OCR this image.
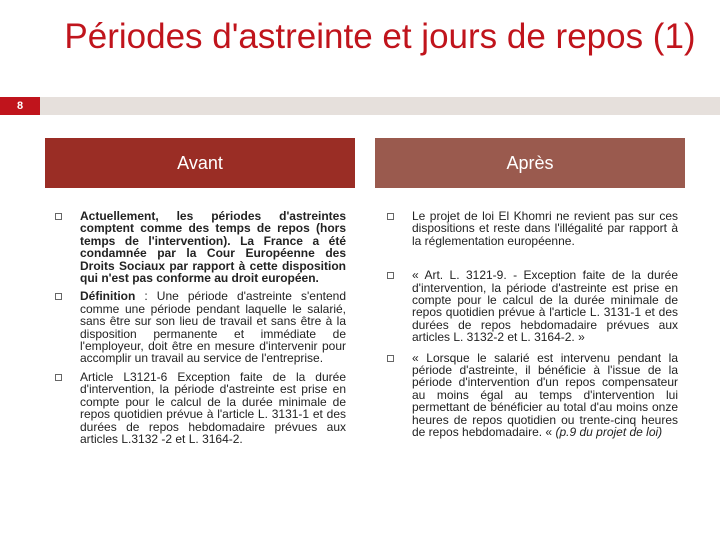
Périodes d'astreinte et jours de repos (1)
8
Avant	Après
Actuellement, les périodes d'astreintes comptent comme des temps de repos (hors temps de l'intervention). La France a été condamnée par la Cour Européenne des Droits Sociaux par rapport à cette disposition qui n'est pas conforme au droit européen.
Définition : Une période d'astreinte s'entend comme une période pendant laquelle le salarié, sans être sur son lieu de travail et sans être à la disposition permanente et immédiate de l'employeur, doit être en mesure d'intervenir pour accomplir un travail au service de l'entreprise.
Article L3121-6 Exception faite de la durée d'intervention, la période d'astreinte est prise en compte pour le calcul de la durée minimale de repos quotidien prévue à l'article L. 3131-1 et des durées de repos hebdomadaire prévues aux articles L.3132 -2 et L. 3164-2.
Le projet de loi El Khomri ne revient pas sur ces dispositions et reste dans l'illégalité par rapport à la réglementation européenne.
« Art. L. 3121-9. - Exception faite de la durée d'intervention, la période d'astreinte est prise en compte pour le calcul de la durée minimale de repos quotidien prévue à l'article L. 3131-1 et des durées de repos hebdomadaire prévues aux articles L. 3132-2 et L. 3164-2. »
« Lorsque le salarié est intervenu pendant la période d'astreinte, il bénéficie à l'issue de la période d'intervention d'un repos compensateur au moins égal au temps d'intervention lui permettant de bénéficier au total d'au moins onze heures de repos quotidien ou trente-cinq heures de repos hebdomadaire. « (p.9 du projet de loi)
